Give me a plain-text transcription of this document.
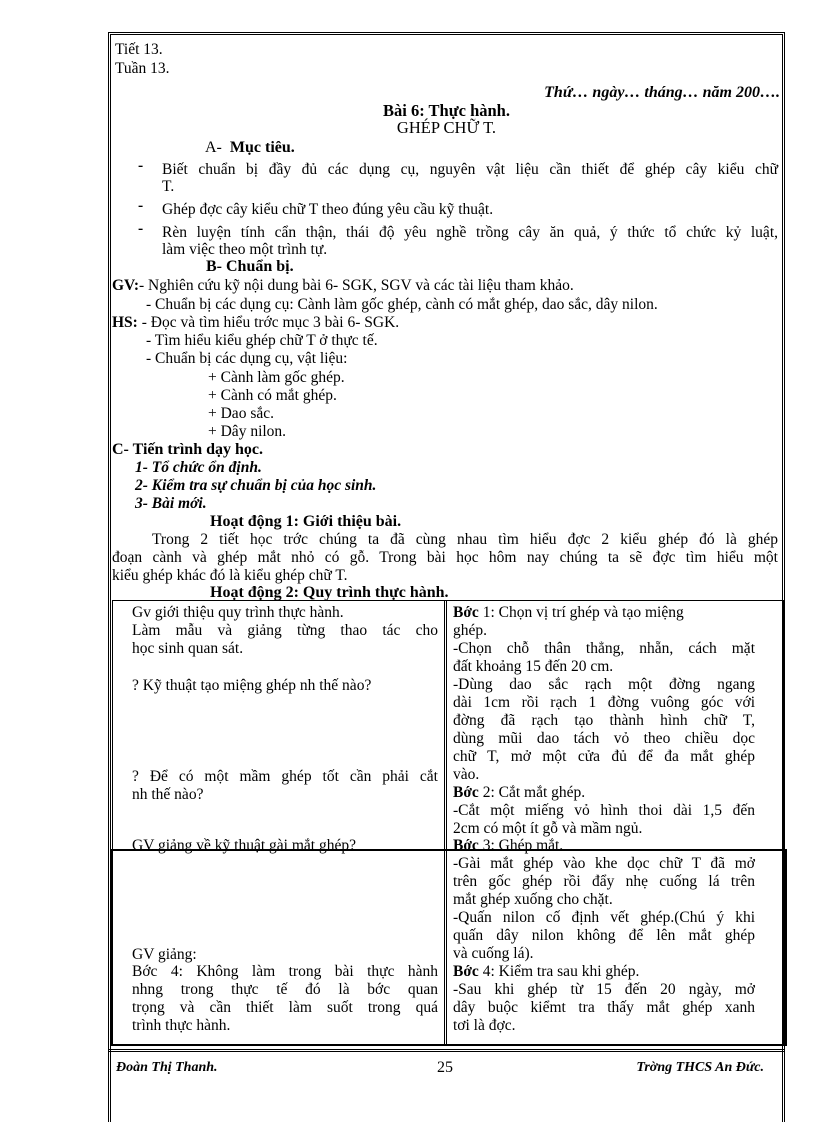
Tiết 13.
Tuần 13.
Thứ… ngày… tháng… năm 200….
Bài 6: Thực hành.
GHÉP CHỮ T.
A- Mục tiêu.
- Biết chuẩn bị đầy đủ các dụng cụ, nguyên vật liệu cần thiết để ghép cây kiểu chữ
T.
- Ghép đợc cây kiểu chữ T theo đúng yêu cầu kỹ thuật.
- Rèn luyện tính cẩn thận, thái độ yêu nghề trồng cây ăn quả, ý thức tổ chức kỷ luật,
làm việc theo một trình tự.
B- Chuẩn bị.
GV:- Nghiên cứu kỹ nội dung bài 6- SGK, SGV và các tài liệu tham khảo.
- Chuẩn bị các dụng cụ: Cành làm gốc ghép, cành có mắt ghép, dao sắc, dây nilon.
HS: - Đọc và tìm hiểu trớc mục 3 bài 6- SGK.
- Tìm hiểu kiểu ghép chữ T ở thực tế.
- Chuẩn bị các dụng cụ, vật liệu:
+ Cành làm gốc ghép.
+ Cành có mắt ghép.
+ Dao sắc.
+ Dây nilon.
C- Tiến trình dạy học.
1- Tổ chức ổn định.
2- Kiểm tra sự chuẩn bị của học sinh.
3- Bài mới.
Hoạt động 1: Giới thiệu bài.
Trong 2 tiết học trớc chúng ta đã cùng nhau tìm hiểu đợc 2 kiểu ghép đó là ghép
đoạn cành và ghép mắt nhỏ có gỗ. Trong bài học hôm nay chúng ta sẽ đợc tìm hiểu một
kiểu ghép khác đó là kiểu ghép chữ T.
Hoạt động 2: Quy trình thực hành.
Gv giới thiệu quy trình thực hành.
Làm mẫu và giảng từng thao tác cho
học sinh quan sát.
? Kỹ thuật tạo miệng ghép nh thế nào?
? Để có một mầm ghép tốt cần phải cắt
nh thế nào?
GV giảng về kỹ thuật gài mắt ghép?
GV giảng:
Bớc 4: Không làm trong bài thực hành
nhng trong thực tế đó là bớc quan
trọng và cần thiết làm suốt trong quá
trình thực hành.
Bớc 1: Chọn vị trí ghép và tạo miệng
ghép.
-Chọn chỗ thân thẳng, nhẵn, cách mặt
đất khoảng 15 đến 20 cm.
-Dùng dao sắc rạch một đờng ngang
dài 1cm rồi rạch 1 đờng vuông góc với
đờng đã rạch tạo thành hình chữ T,
dùng mũi dao tách vỏ theo chiều dọc
chữ T, mở một cửa đủ để đa mắt ghép
vào.
Bớc 2: Cắt mắt ghép.
-Cắt một miếng vỏ hình thoi dài 1,5 đến
2cm có một ít gỗ và mầm ngủ.
Bớc 3: Ghép mắt.
-Gài mắt ghép vào khe dọc chữ T đã mở
trên gốc ghép rồi đẩy nhẹ cuống lá trên
mắt ghép xuống cho chặt.
-Quấn nilon cố định vết ghép.(Chú ý khi
quấn dây nilon không để lên mắt ghép
và cuống lá).
Bớc 4: Kiểm tra sau khi ghép.
-Sau khi ghép từ 15 đến 20 ngày, mở
dây buộc kiểmt tra thấy mắt ghép xanh
tơi là đợc.
Đoàn Thị Thanh.	25	Trờng THCS An Đức.
